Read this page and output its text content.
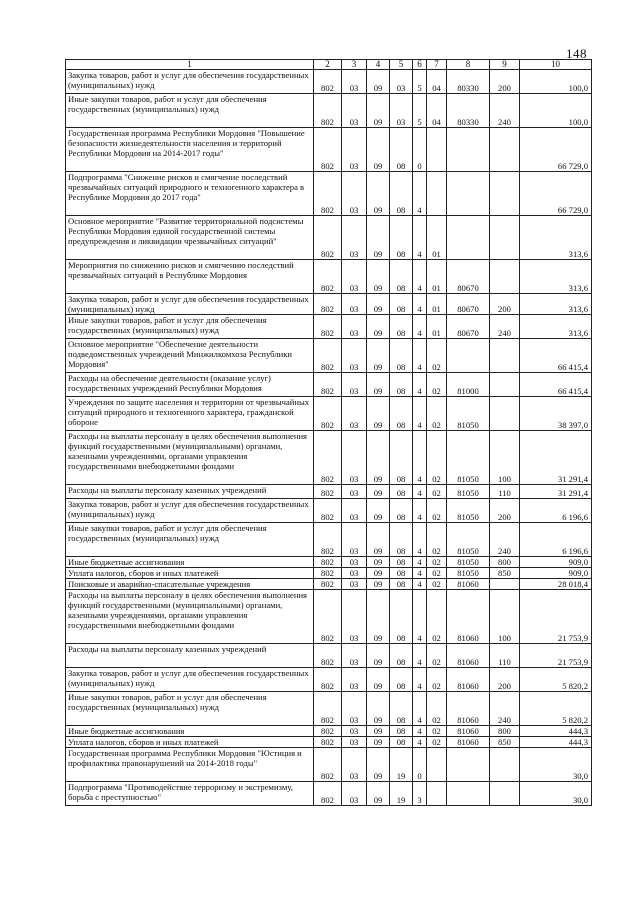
148
1	2	3	4	5	6	7	8	9	10
Закупка товаров, работ и услуг для обеспечения государственных (муниципальных) нужд	802	03	09	03	5	04	80330	200	100,0
Иные закупки товаров, работ и услуг для обеспечения государственных (муниципальных) нужд	802	03	09	03	5	04	80330	240	100,0
Государственная программа Республики Мордовия "Повышение безопасности жизнедеятельности населения и территорий Республики Мордовия на 2014-2017 годы"	802	03	09	08	0				66 729,0
Подпрограмма "Снижение рисков и смягчение последствий чрезвычайных ситуаций природного и техногенного характера в Республике Мордовия до 2017 года"	802	03	09	08	4				66 729,0
Основное мероприятие "Развитие территориальной подсистемы Республики Мордовия единой государственной системы предупреждения и ликвидации чрезвычайных ситуаций"	802	03	09	08	4	01			313,6
Мероприятия по снижению рисков и смягчению последствий чрезвычайных ситуаций в Республике Мордовия	802	03	09	08	4	01	80670		313,6
Закупка товаров, работ и услуг для обеспечения государственных (муниципальных) нужд	802	03	09	08	4	01	80670	200	313,6
Иные закупки товаров, работ и услуг для обеспечения государственных (муниципальных) нужд	802	03	09	08	4	01	80670	240	313,6
Основное мероприятие "Обеспечение деятельности подведомственных учреждений Минжилкомхоза Республики Мордовия"	802	03	09	08	4	02			66 415,4
Расходы на обеспечение деятельности (оказание услуг) государственных учреждений Республики Мордовия	802	03	09	08	4	02	81000		66 415,4
Учреждения по защите населения и территории от чрезвычайных ситуаций природного и техногенного характера, гражданской обороне	802	03	09	08	4	02	81050		38 397,0
Расходы на выплаты персоналу в целях обеспечения выполнения функций государственными (муниципальными) органами, казенными учреждениями, органами управления государственными внебюджетными фондами	802	03	09	08	4	02	81050	100	31 291,4
Расходы на выплаты персоналу казенных учреждений	802	03	09	08	4	02	81050	110	31 291,4
Закупка товаров, работ и услуг для обеспечения государственных (муниципальных) нужд	802	03	09	08	4	02	81050	200	6 196,6
Иные закупки товаров, работ и услуг для обеспечения государственных (муниципальных) нужд	802	03	09	08	4	02	81050	240	6 196,6
Иные бюджетные ассигнования	802	03	09	08	4	02	81050	800	909,0
Уплата налогов, сборов и иных платежей	802	03	09	08	4	02	81050	850	909,0
Поисковые и аварийно-спасательные учреждения	802	03	09	08	4	02	81060		28 018,4
Расходы на выплаты персоналу в целях обеспечения выполнения функций государственными (муниципальными) органами, казенными учреждениями, органами управления государственными внебюджетными фондами	802	03	09	08	4	02	81060	100	21 753,9
Расходы на выплаты персоналу казенных учреждений	802	03	09	08	4	02	81060	110	21 753,9
Закупка товаров, работ и услуг для обеспечения государственных (муниципальных) нужд	802	03	09	08	4	02	81060	200	5 820,2
Иные закупки товаров, работ и услуг для обеспечения государственных (муниципальных) нужд	802	03	09	08	4	02	81060	240	5 820,2
Иные бюджетные ассигнования	802	03	09	08	4	02	81060	800	444,3
Уплата налогов, сборов и иных платежей	802	03	09	08	4	02	81060	850	444,3
Государственная программа Республики Мордовия "Юстиция и профилактика правонарушений на 2014-2018 годы"	802	03	09	19	0				30,0
Подпрограмма "Противодействие терроризму и экстремизму, борьба с преступностью"	802	03	09	19	3				30,0
